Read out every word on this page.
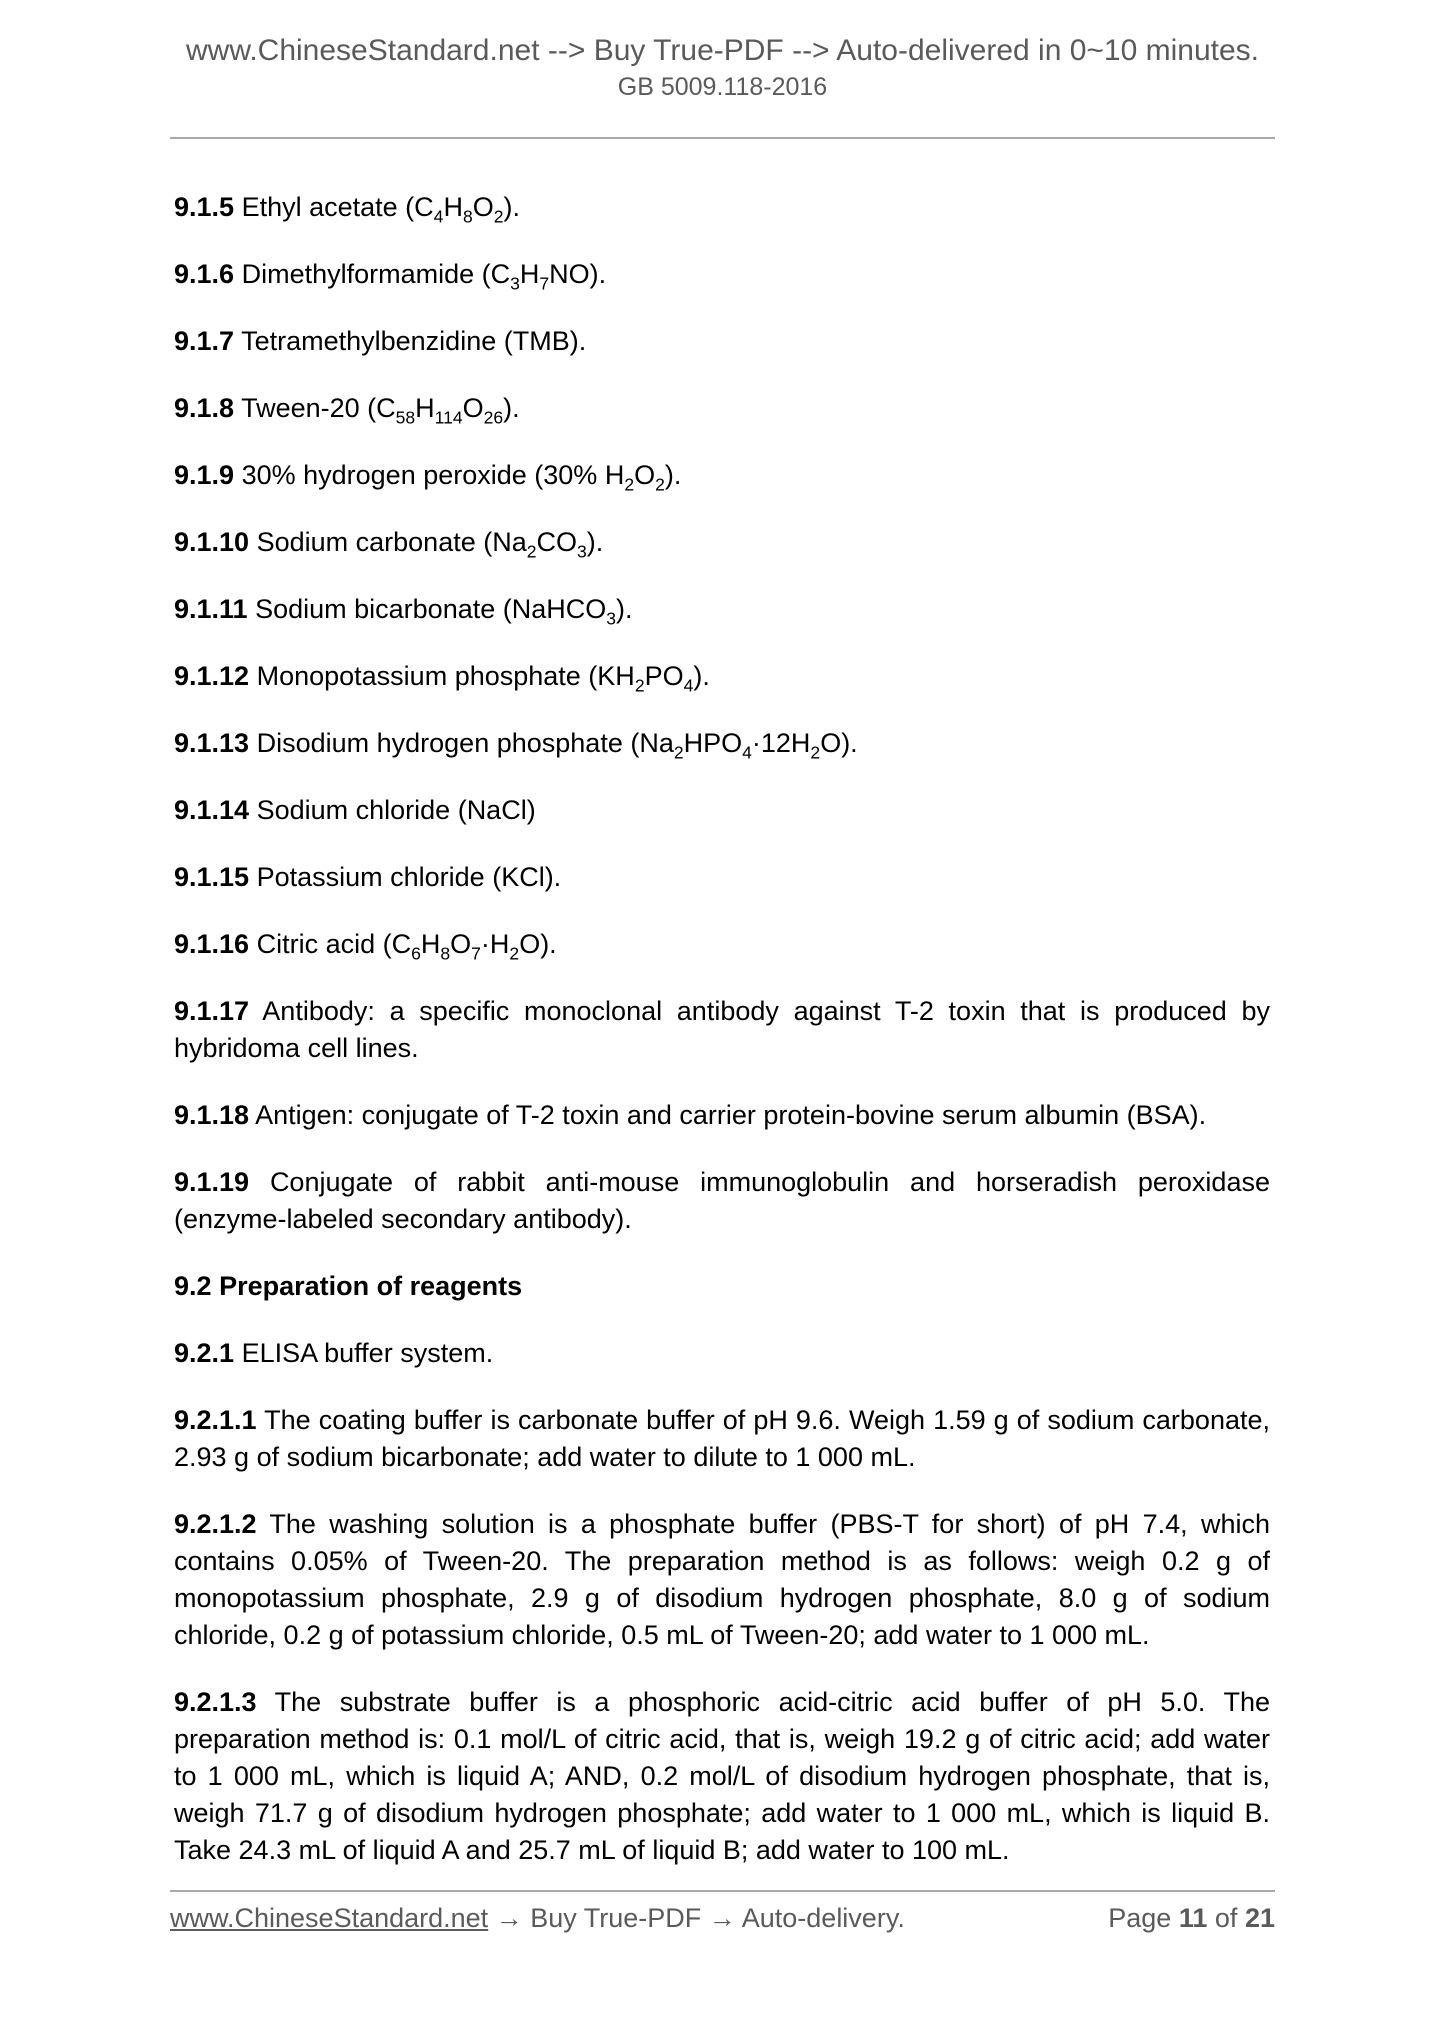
www.ChineseStandard.net --> Buy True-PDF --> Auto-delivered in 0~10 minutes.
GB 5009.118-2016

9.1.5 Ethyl acetate $(C_4H_8O_2)$.

9.1.6 Dimethylformamide $(C_3H_7NO)$.

9.1.7 Tetramethylbenzidine (TMB).

9.1.8 Tween-20 $(C_{58}H_{114}O_{26})$.

9.1.9 30% hydrogen peroxide (30% $H_2O_2$).

9.1.10 Sodium carbonate $(Na_2CO_3)$.

9.1.11 Sodium bicarbonate (NaHCO$_3$).

9.1.12 Monopotassium phosphate $(KH_2PO_4)$.

9.1.13 Disodium hydrogen phosphate $(Na_2HPO_4\cdot 12H_2O)$.

9.1.14 Sodium chloride (NaCl)

9.1.15 Potassium chloride (KCl).

9.1.16 Citric acid $(C_6H_8O_7\cdot H_2O)$.

9.1.17 Antibody: a specific monoclonal antibody against T-2 toxin that is produced by hybridoma cell lines.

9.1.18 Antigen: conjugate of T-2 toxin and carrier protein-bovine serum albumin (BSA).

9.1.19 Conjugate of rabbit anti-mouse immunoglobulin and horseradish peroxidase (enzyme-labeled secondary antibody).

9.2 Preparation of reagents

9.2.1 ELISA buffer system.

9.2.1.1 The coating buffer is carbonate buffer of pH 9.6. Weigh 1.59 g of sodium carbonate, 2.93 g of sodium bicarbonate; add water to dilute to 1 000 mL.

9.2.1.2 The washing solution is a phosphate buffer (PBS-T for short) of pH 7.4, which contains 0.05% of Tween-20. The preparation method is as follows: weigh 0.2 g of monopotassium phosphate, 2.9 g of disodium hydrogen phosphate, 8.0 g of sodium chloride, 0.2 g of potassium chloride, 0.5 mL of Tween-20; add water to 1 000 mL.

9.2.1.3 The substrate buffer is a phosphoric acid-citric acid buffer of pH 5.0. The preparation method is: 0.1 mol/L of citric acid, that is, weigh 19.2 g of citric acid; add water to 1 000 mL, which is liquid A; AND, 0.2 mol/L of disodium hydrogen phosphate, that is, weigh 71.7 g of disodium hydrogen phosphate; add water to 1 000 mL, which is liquid B. Take 24.3 mL of liquid A and 25.7 mL of liquid B; add water to 100 mL.

www.ChineseStandard.net → Buy True-PDF → Auto-delivery.	Page 11 of 21
